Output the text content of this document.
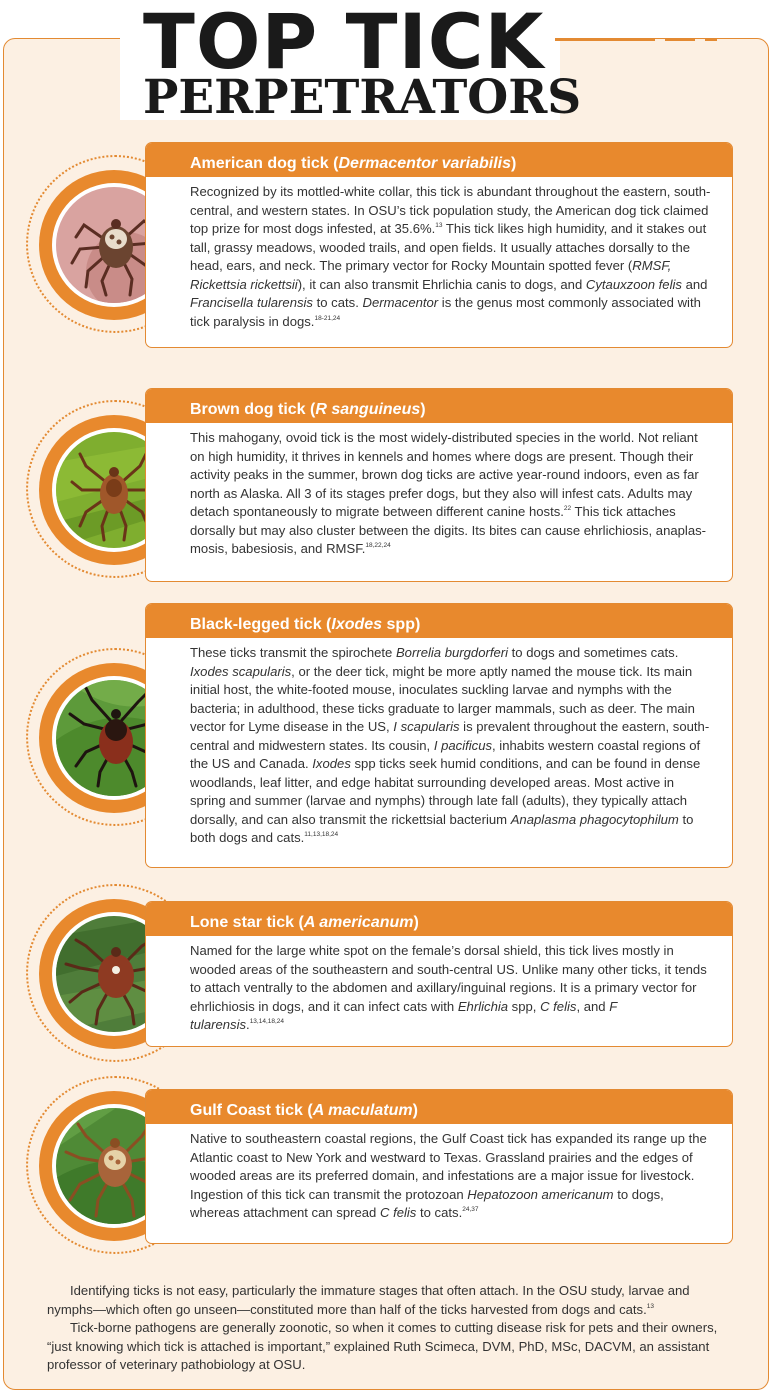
TOP TICK
PERPETRATORS
American dog tick (Dermacentor variabilis)
Recognized by its mottled-white collar, this tick is abundant throughout the eastern, south-central, and western states. In OSU’s tick population study, the American dog tick claimed top prize for most dogs infested, at 35.6%.$^{13}$ This tick likes high humidity, and it stakes out tall, grassy meadows, wooded trails, and open fields. It usually attaches dorsally to the head, ears, and neck. The primary vector for Rocky Mountain spotted fever (RMSF, Rickettsia rickettsii), it can also transmit Ehrlichia canis to dogs, and Cytauxzoon felis and Francisella tularensis to cats. Dermacentor is the genus most commonly associated with tick paralysis in dogs.$^{18-21,24}$
Brown dog tick (R sanguineus)
This mahogany, ovoid tick is the most widely-distributed species in the world. Not reliant on high humidity, it thrives in kennels and homes where dogs are present. Though their activity peaks in the summer, brown dog ticks are active year-round indoors, even as far north as Alaska. All 3 of its stages prefer dogs, but they also will infest cats. Adults may detach spontaneously to migrate between different canine hosts.$^{22}$ This tick attaches dorsally but may also cluster between the digits. Its bites can cause ehrlichiosis, anaplasmosis, babesiosis, and RMSF.$^{18,22,24}$
Black-legged tick (Ixodes spp)
These ticks transmit the spirochete Borrelia burgdorferi to dogs and sometimes cats. Ixodes scapularis, or the deer tick, might be more aptly named the mouse tick. Its main initial host, the white-footed mouse, inoculates suckling larvae and nymphs with the bacteria; in adulthood, these ticks graduate to larger mammals, such as deer. The main vector for Lyme disease in the US, I scapularis is prevalent throughout the eastern, south-central and midwestern states. Its cousin, I pacificus, inhabits western coastal regions of the US and Canada. Ixodes spp ticks seek humid conditions, and can be found in dense woodlands, leaf litter, and edge habitat surrounding developed areas. Most active in spring and summer (larvae and nymphs) through late fall (adults), they typically attach dorsally, and can also transmit the rickettsial bacterium Anaplasma phagocytophilum to both dogs and cats.$^{11,13,18,24}$
Lone star tick (A americanum)
Named for the large white spot on the female’s dorsal shield, this tick lives mostly in wooded areas of the southeastern and south-central US. Unlike many other ticks, it tends to attach ventrally to the abdomen and axillary/inguinal regions. It is a primary vector for ehrlichiosis in dogs, and it can infect cats with Ehrlichia spp, C felis, and F tularensis.$^{13,14,18,24}$
Gulf Coast tick (A maculatum)
Native to southeastern coastal regions, the Gulf Coast tick has expanded its range up the Atlantic coast to New York and westward to Texas. Grassland prairies and the edges of wooded areas are its preferred domain, and infestations are a major issue for livestock. Ingestion of this tick can transmit the protozoan Hepatozoon americanum to dogs, whereas attachment can spread C felis to cats.$^{24,37}$

Identifying ticks is not easy, particularly the immature stages that often attach. In the OSU study, larvae and nymphs—which often go unseen—constituted more than half of the ticks harvested from dogs and cats.$^{13}$

Tick-borne pathogens are generally zoonotic, so when it comes to cutting disease risk for pets and their owners, “just knowing which tick is attached is important,” explained Ruth Scimeca, DVM, PhD, MSc, DACVM, an assistant professor of veterinary pathobiology at OSU.
